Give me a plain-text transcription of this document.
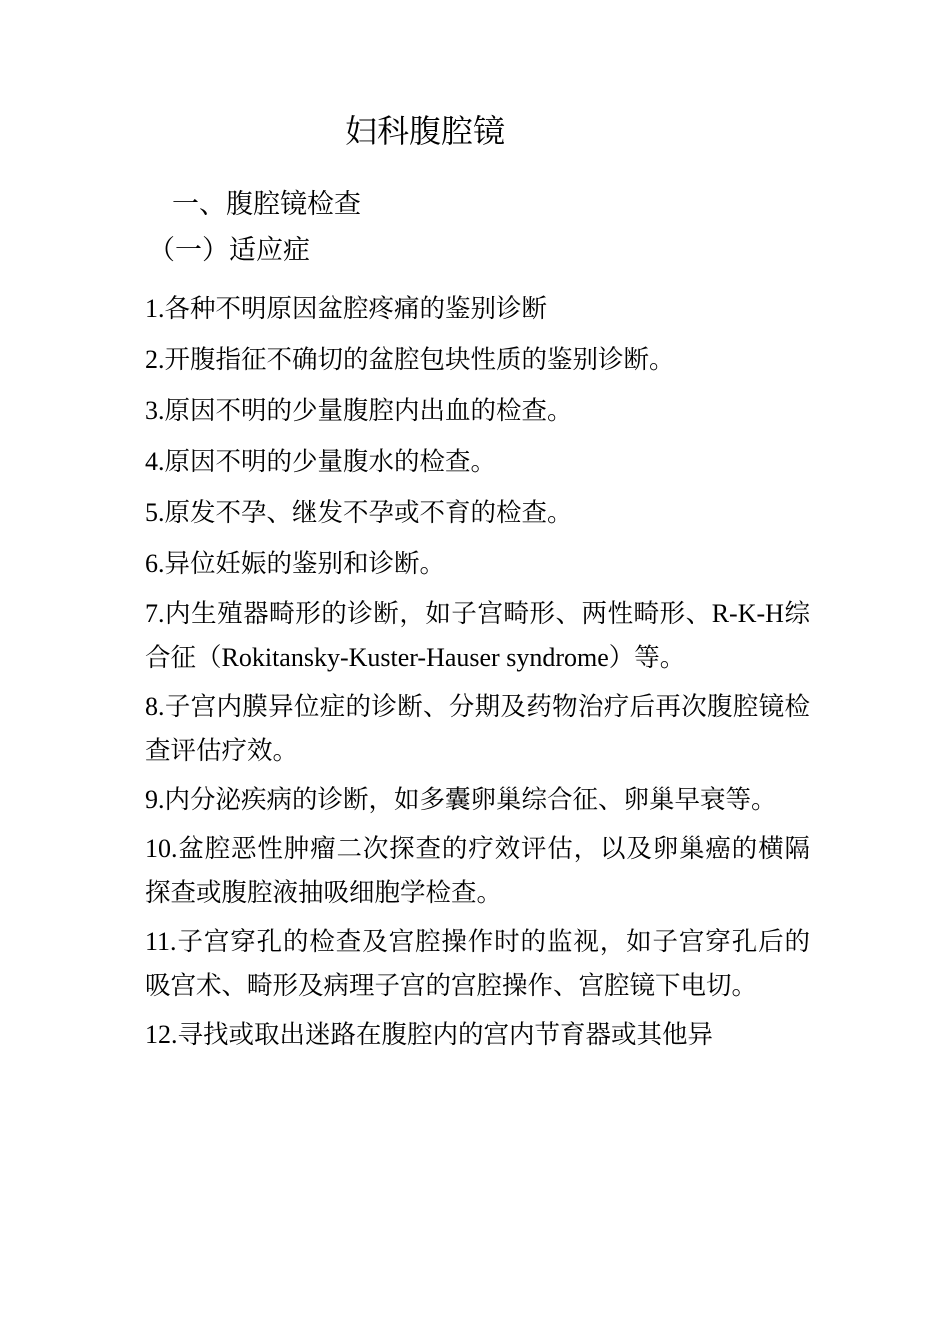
妇科腹腔镜
一、腹腔镜检查
（一）适应症

1.各种不明原因盆腔疼痛的鉴别诊断

2.开腹指征不确切的盆腔包块性质的鉴别诊断。

3.原因不明的少量腹腔内出血的检查。

4.原因不明的少量腹水的检查。

5.原发不孕、继发不孕或不育的检查。

6.异位妊娠的鉴别和诊断。

7.内生殖器畸形的诊断，如子宫畸形、两性畸形、R-K-H综合征（Rokitansky-Kuster-Hauser syndrome）等。

8.子宫内膜异位症的诊断、分期及药物治疗后再次腹腔镜检查评估疗效。

9.内分泌疾病的诊断，如多囊卵巢综合征、卵巢早衰等。

10.盆腔恶性肿瘤二次探查的疗效评估，以及卵巢癌的横隔探查或腹腔液抽吸细胞学检查。

11.子宫穿孔的检查及宫腔操作时的监视，如子宫穿孔后的吸宫术、畸形及病理子宫的宫腔操作、宫腔镜下电切。

12.寻找或取出迷路在腹腔内的宫内节育器或其他异
